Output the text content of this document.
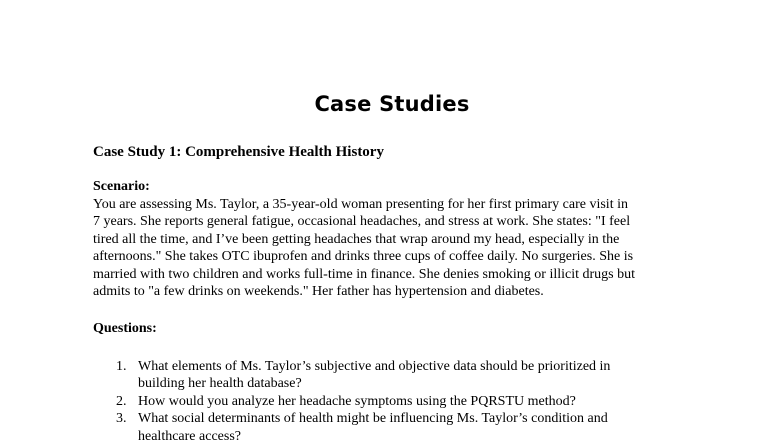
Case Studies
Case Study 1: Comprehensive Health History
Scenario:
You are assessing Ms. Taylor, a 35-year-old woman presenting for her first primary care visit in
7 years. She reports general fatigue, occasional headaches, and stress at work. She states: "I feel
tired all the time, and I’ve been getting headaches that wrap around my head, especially in the
afternoons." She takes OTC ibuprofen and drinks three cups of coffee daily. No surgeries. She is
married with two children and works full-time in finance. She denies smoking or illicit drugs but
admits to "a few drinks on weekends." Her father has hypertension and diabetes.
Questions:
1. What elements of Ms. Taylor’s subjective and objective data should be prioritized in
building her health database?
2. How would you analyze her headache symptoms using the PQRSTU method?
3. What social determinants of health might be influencing Ms. Taylor’s condition and
healthcare access?
